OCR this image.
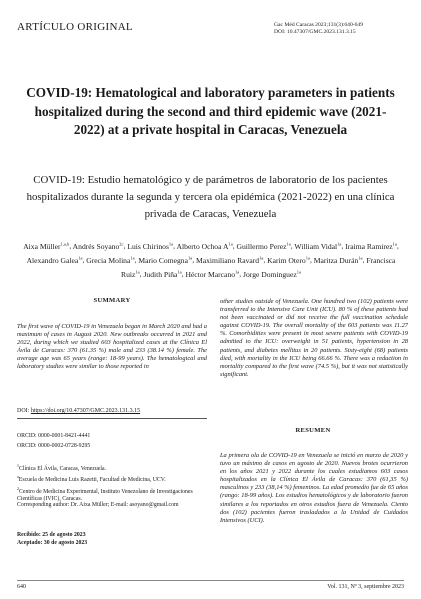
ARTÍCULO ORIGINAL	Gac Méd Caracas 2023;131(3):640-649
DOI: 10.47307/GMC.2023.131.3.15
COVID-19: Hematological and laboratory parameters in patients hospitalized during the second and third epidemic wave (2021-2022) at a private hospital in Caracas, Venezuela
COVID-19: Estudio hematológico y de parámetros de laboratorio de los pacientes hospitalizados durante la segunda y tercera ola epidémica (2021-2022) en una clínica privada de Caracas, Venezuela
Aixa Müller$^{1,a,b}$, Andrés Soyano$^{2c}$, Luis Chirinos$^{1a}$, Alberto Ochoa $A^{1a}$, Guillermo Perez$^{1a}$, William Vidal$^{1a}$, Iraima Ramirez$^{1a}$, Alexandro Galea$^{1a}$, Grecia Molina$^{1a}$, Mario Comegna$^{1a}$, Maximiliano Ravard$^{1a}$, Karim Otero$^{1a}$, Maritza Durán$^{1a}$, Francisca Ruiz$^{1a}$, Judith Piña$^{1a}$, Héctor Marcano$^{1a}$, Jorge Dominguez$^{1a}$
SUMMARY
The first wave of COVID-19 in Venezuela began in March 2020 and had a maximum of cases in August 2020. New outbreaks occurred in 2021 and 2022, during which we studied 603 hospitalized cases at the Clínica El Ávila de Caracas: 370 (61.35 %) male and 233 (38.14 %) female. The average age was 65 years (range: 18-99 years). The hematological and laboratory studies were similar to those reported in
other studies outside of Venezuela. One hundred two (102) patients were transferred to the Intensive Care Unit (ICU). 80 % of these patients had not been vaccinated or did not receive the full vaccination schedule against COVID-19. The overall mortality of the 603 patients was 11.27 %. Comorbidities were present in most severe patients with COVID-19 admitted to the ICU: overweight in 51 patients, hypertension in 28 patients, and diabetes mellitus in 20 patients. Sixty-eight (68) patients died, with mortality in the ICU being 66.66 %. There was a reduction in mortality compared to the first wave (74.5 %), but it was not statistically significant.
DOI: https://doi.org/10.47307/GMC.2023.131.3.15
ORCID: 0000-0001-8421-4441
ORCID: 0000-0002-0728-9295
$^1$Clínica El Ávila, Caracas, Venezuela.
$^a$Escuela de Medicina Luis Razetti, Facultad de Medicina, UCV.
$^2$Centro de Medicina Experimental, Instituto Venezolano de Investigaciones Científicas (IVIC), Caracas.
Corresponding author: Dr. Aixa Müller; E-mail: asoyano@gmail.com
Recibido: 25 de agosto 2023
Aceptado: 30 de agosto 2023
RESUMEN
La primera ola de COVID-19 en Venezuela se inició en marzo de 2020 y tuvo un máximo de casos en agosto de 2020. Nuevos brotes ocurrieron en los años 2021 y 2022 durante los cuales estudiamos 603 casos hospitalizados en la Clínica El Ávila de Caracas: 370 (61,35 %) masculinos y 233 (38,14 %) femeninos. La edad promedio fue de 65 años (rango: 18-99 años). Los estudios hematológicos y de laboratorio fueron similares a los reportados en otros estudios fuera de Venezuela. Ciento dos (102) pacientes fueron trasladados a la Unidad de Cuidados Intensivos (UCI).
640	Vol. 131, Nº 3, septiembre 2023
